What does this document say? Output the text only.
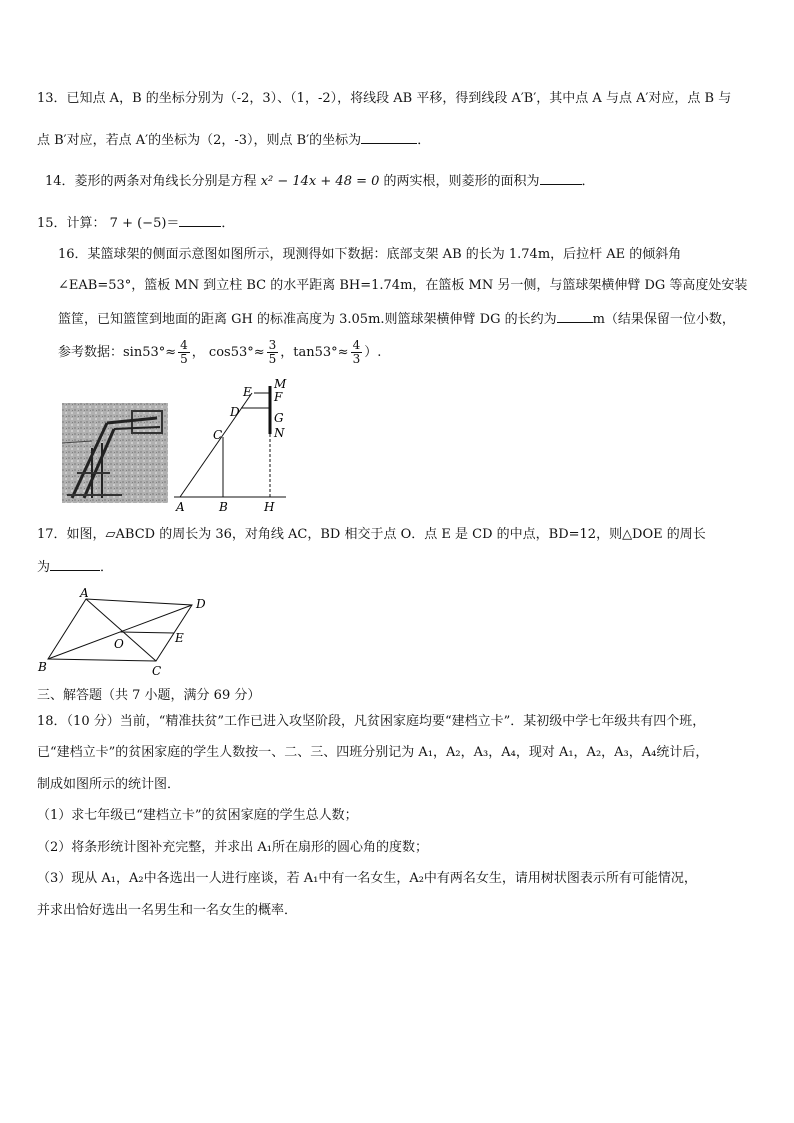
13．已知点 A，B 的坐标分别为（-2，3）、（1，-2），将线段 AB 平移，得到线段 A′B′，其中点 A 与点 A′对应，点 B 与
点 B′对应，若点 A′的坐标为（2，-3），则点 B′的坐标为	．
14．菱形的两条对角线长分别是方程 x² − 14x + 48 = 0 的两实根，则菱形的面积为	．
15．计算： 7 + (−5)＝	．
16．某篮球架的侧面示意图如图所示，现测得如下数据：底部支架 AB 的长为 1.74m，后拉杆 AE 的倾斜角
∠EAB=53°，篮板 MN 到立柱 BC 的水平距离 BH=1.74m，在篮板 MN 另一侧，与篮球架横伸臂 DG 等高度处安装
篮筐，已知篮筐到地面的距离 GH 的标准高度为 3.05m.则篮球架横伸臂 DG 的长约为	m（结果保留一位小数，
参考数据：$\sin 53^\circ\approx \frac{4}{5}$ ， $\cos 53^\circ\approx \frac{3}{5}$ ，$\tan 53^\circ\approx \frac{4}{3}$ ）.
E
D
C
A	B	H
M
F
G
N
17．如图，▱ABCD 的周长为 36，对角线 AC，BD 相交于点 O．点 E 是 CD 的中点，BD=12，则△DOE 的周长
为	．
A
B	C
D
O	E
三、解答题（共 7 小题，满分 69 分）
18．（10 分）当前，“精准扶贫”工作已进入攻坚阶段，凡贫困家庭均要“建档立卡”．某初级中学七年级共有四个班，
已“建档立卡”的贫困家庭的学生人数按一、二、三、四班分别记为 A₁，A₂，A₃，A₄，现对 A₁，A₂，A₃，A₄统计后，
制成如图所示的统计图．
（1）求七年级已“建档立卡”的贫困家庭的学生总人数；
（2）将条形统计图补充完整，并求出 A₁所在扇形的圆心角的度数；
（3）现从 A₁，A₂中各选出一人进行座谈，若 A₁中有一名女生，A₂中有两名女生，请用树状图表示所有可能情况，
并求出恰好选出一名男生和一名女生的概率．
